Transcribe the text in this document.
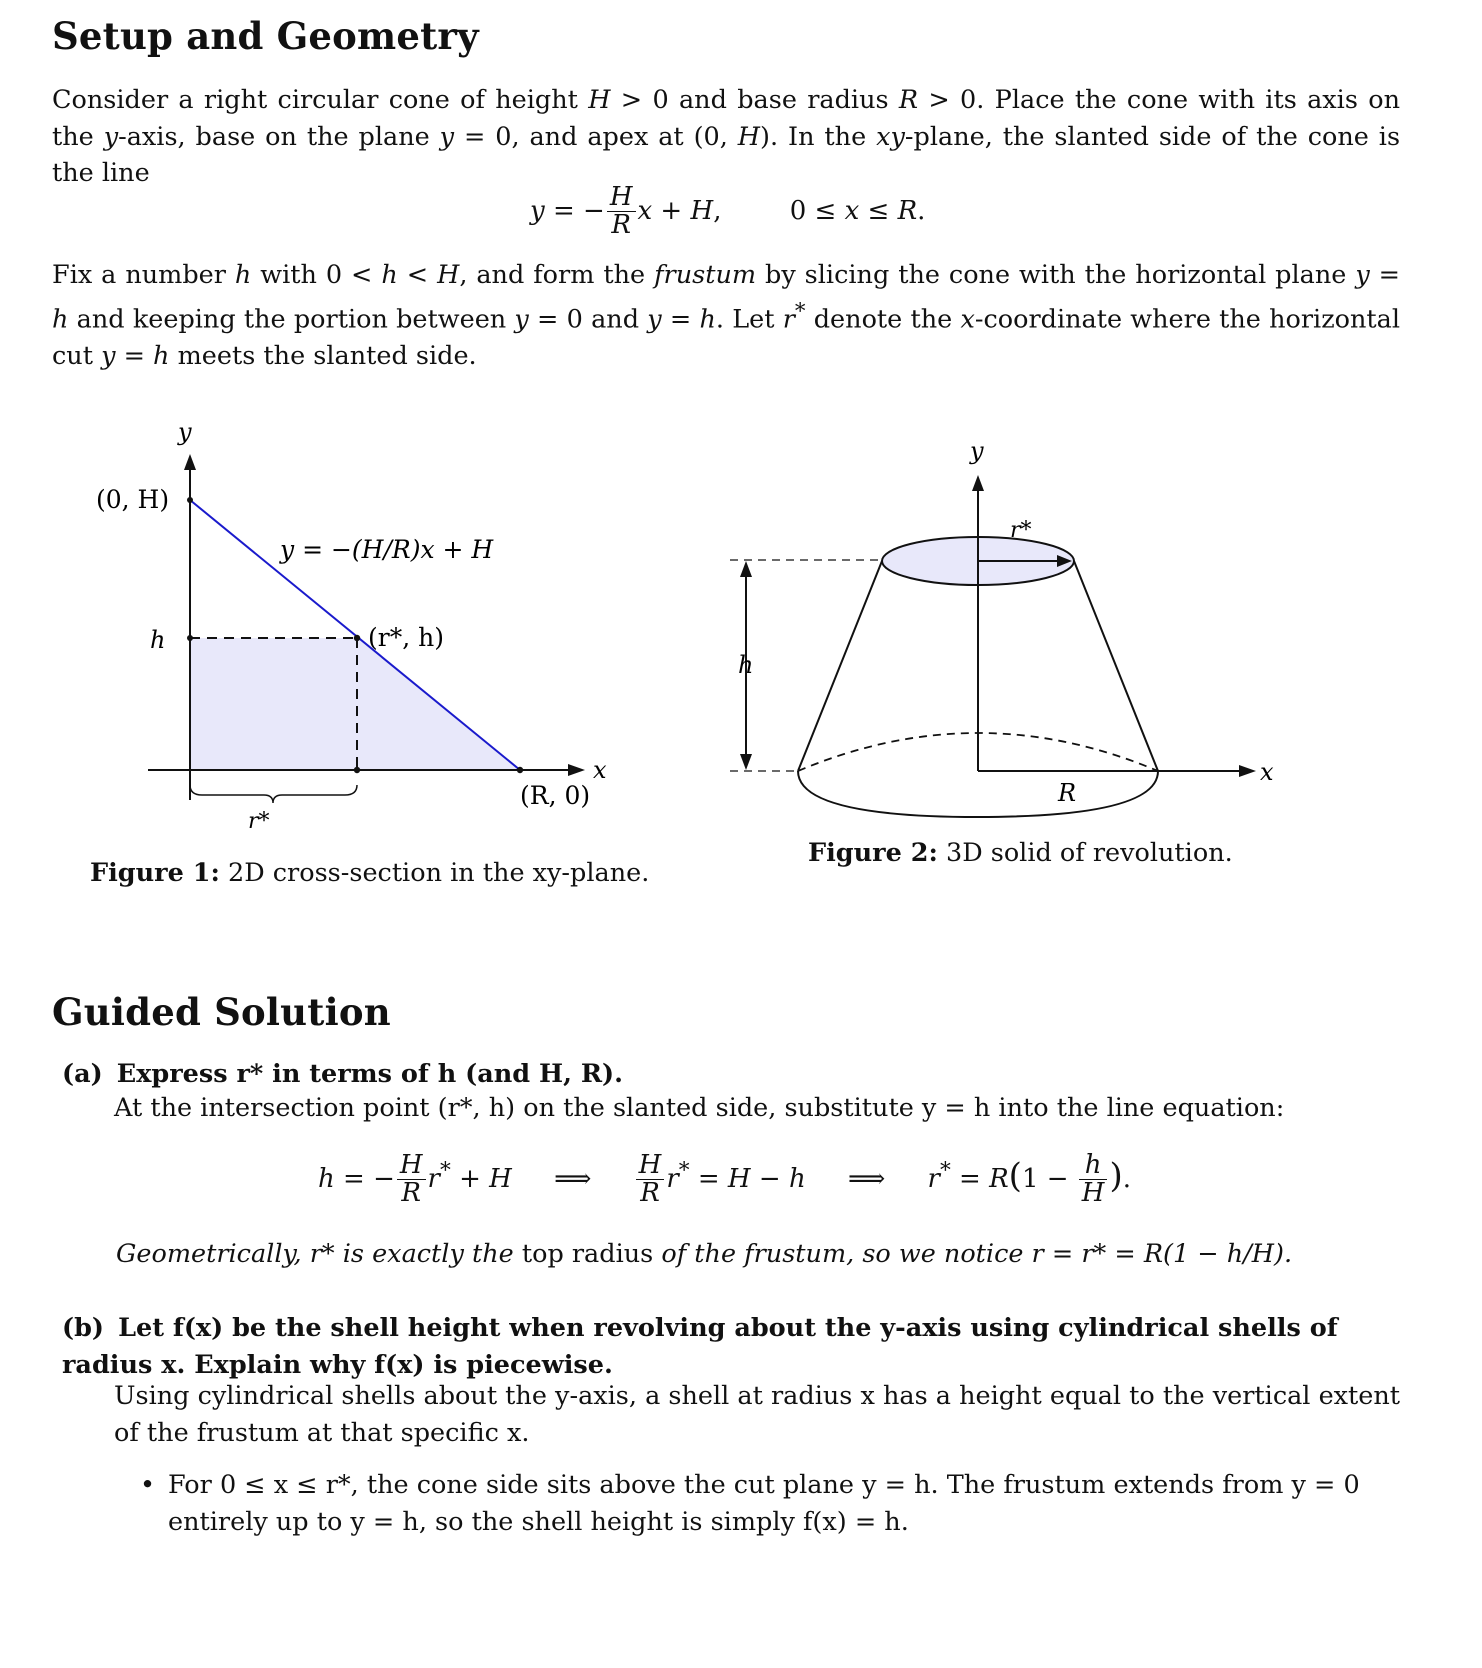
Setup and Geometry

Consider a right circular cone of height H > 0 and base radius R > 0. Place the cone with its axis on the y-axis, base on the plane y = 0, and apex at (0, H). In the xy-plane, the slanted side of the cone is the line

y = − $\frac{H}{R}$ x + H, 0 ≤ x ≤ R.

Fix a number h with 0 < h < H, and form the frustum by slicing the cone with the horizontal plane y = h and keeping the portion between y = 0 and y = h. Let r* denote the x-coordinate where the horizontal cut y = h meets the slanted side.

y
x
(0, H)
h
y = −(H/R)x + H
(r*, h)
(R, 0)
r*
Figure 1: 2D cross-section in the xy-plane.
y
x
r*
h
R
Figure 2: 3D solid of revolution.
Guided Solution
(a) Express r* in terms of h (and H, R).
At the intersection point (r*, h) on the slanted side, substitute y = h into the line equation:
h = − $\frac{H}{R} r^* + H$ ⟹ $\frac{H}{R} r^* = H - h$ ⟹ $r^* = R(1 - \frac{h}{H}$ ).
Geometrically, r* is exactly the top radius of the frustum, so we notice r = r* = R(1 − h/H).
(b) Let f(x) be the shell height when revolving about the y-axis using cylindrical shells of radius x. Explain why f(x) is piecewise.
Using cylindrical shells about the y-axis, a shell at radius x has a height equal to the vertical extent of the frustum at that specific x.
• For 0 ≤ x ≤ r*, the cone side sits above the cut plane y = h. The frustum extends from y = 0 entirely up to y = h, so the shell height is simply f(x) = h.
